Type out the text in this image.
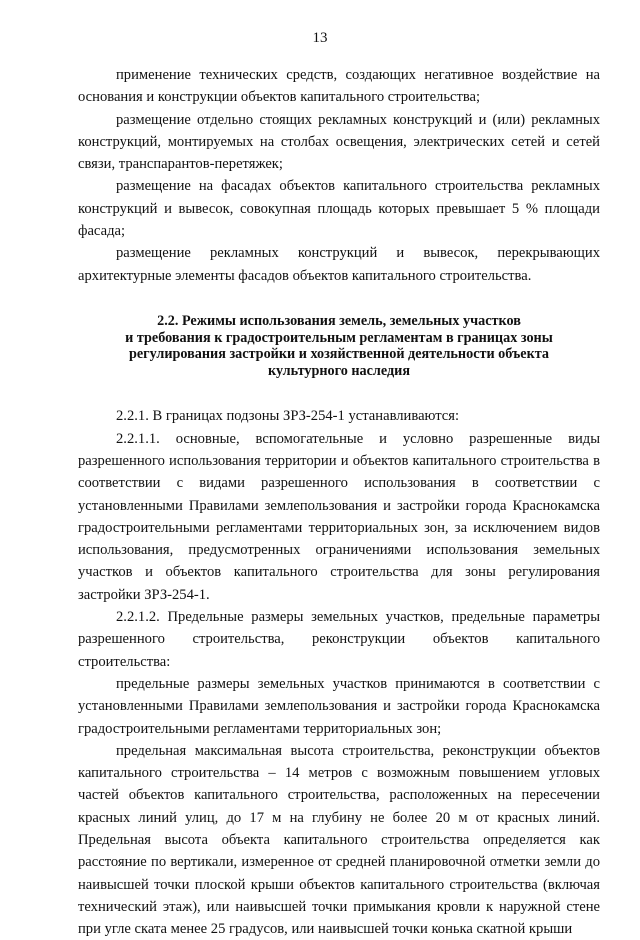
13

применение технических средств, создающих негативное воздействие на основания и конструкции объектов капитального строительства;

размещение отдельно стоящих рекламных конструкций и (или) рекламных конструкций, монтируемых на столбах освещения, электрических сетей и сетей связи, транспарантов-перетяжек;

размещение на фасадах объектов капитального строительства рекламных конструкций и вывесок, совокупная площадь которых превышает 5 % площади фасада;

размещение рекламных конструкций и вывесок, перекрывающих архитектурные элементы фасадов объектов капитального строительства.

2.2. Режимы использования земель, земельных участков
и требования к градостроительным регламентам в границах зоны
регулирования застройки и хозяйственной деятельности объекта
культурного наследия

2.2.1. В границах подзоны ЗРЗ-254-1 устанавливаются:

2.2.1.1. основные, вспомогательные и условно разрешенные виды разрешенного использования территории и объектов капитального строительства в соответствии с видами разрешенного использования в соответствии с установленными Правилами землепользования и застройки города Краснокамска градостроительными регламентами территориальных зон, за исключением видов использования, предусмотренных ограничениями использования земельных участков и объектов капитального строительства для зоны регулирования застройки ЗРЗ-254-1.

2.2.1.2. Предельные размеры земельных участков, предельные параметры разрешенного строительства, реконструкции объектов капитального строительства:

предельные размеры земельных участков принимаются в соответствии с установленными Правилами землепользования и застройки города Краснокамска градостроительными регламентами территориальных зон;

предельная максимальная высота строительства, реконструкции объектов капитального строительства – 14 метров с возможным повышением угловых частей объектов капитального строительства, расположенных на пересечении красных линий улиц, до 17 м на глубину не более 20 м от красных линий. Предельная высота объекта капитального строительства определяется как расстояние по вертикали, измеренное от средней планировочной отметки земли до наивысшей точки плоской крыши объектов капитального строительства (включая технический этаж), или наивысшей точки примыкания кровли к наружной стене при угле ската менее 25 градусов, или наивысшей точки конька скатной крыши
